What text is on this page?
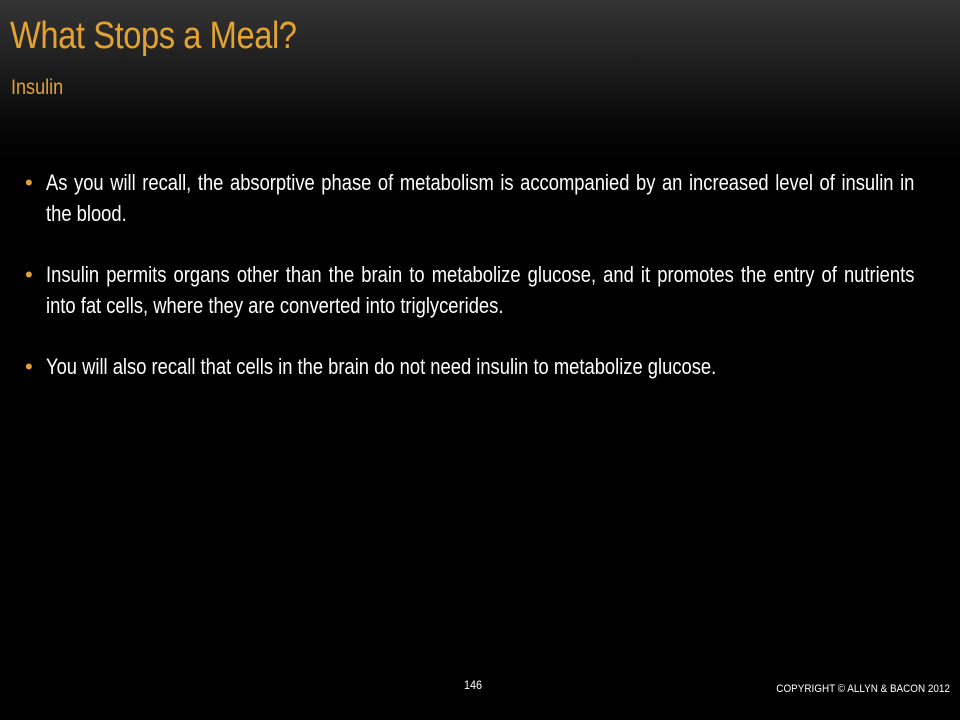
What Stops a Meal?
Insulin
• As you will recall, the absorptive phase of metabolism is accompanied by an increased level of insulin in the blood.
• Insulin permits organs other than the brain to metabolize glucose, and it promotes the entry of nutrients into fat cells, where they are converted into triglycerides.
• You will also recall that cells in the brain do not need insulin to metabolize glucose.
146	COPYRIGHT © ALLYN & BACON 2012
